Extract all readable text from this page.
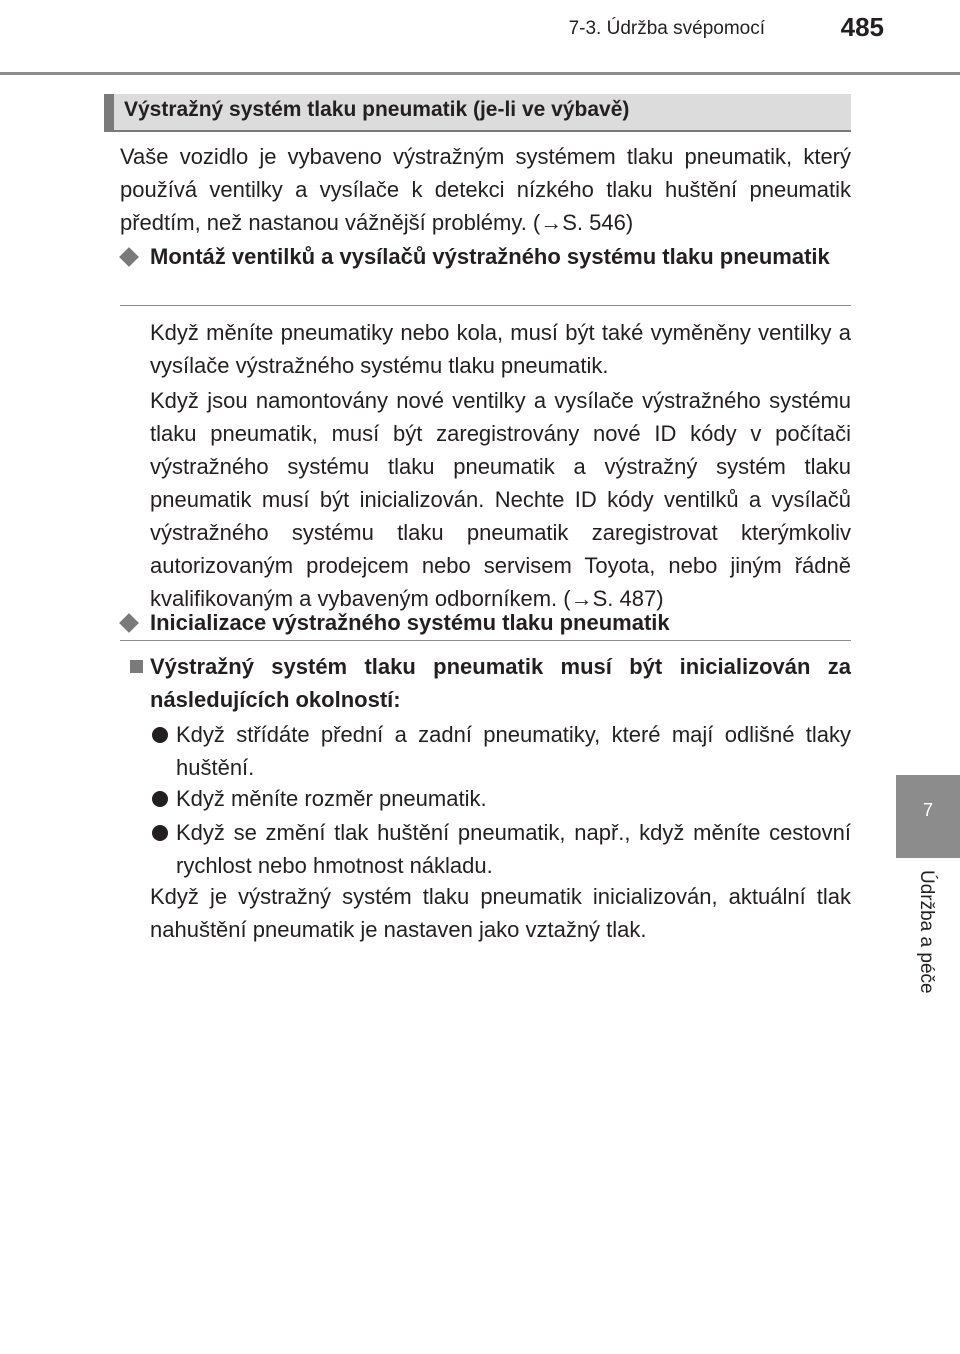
7-3. Údržba svépomocí	485
7
Údržba a péče
Výstražný systém tlaku pneumatik (je-li ve výbavě)

Vaše vozidlo je vybaveno výstražným systémem tlaku pneumatik, který používá ventilky a vysílače k detekci nízkého tlaku huštění pneumatik předtím, než nastanou vážnější problémy. (→S. 546)

Montáž ventilků a vysílačů výstražného systému tlaku pneumatik

Když měníte pneumatiky nebo kola, musí být také vyměněny ventilky a vysílače výstražného systému tlaku pneumatik.

Když jsou namontovány nové ventilky a vysílače výstražného systému tlaku pneumatik, musí být zaregistrovány nové ID kódy v počítači výstražného systému tlaku pneumatik a výstražný systém tlaku pneumatik musí být inicializován. Nechte ID kódy ventilků a vysílačů výstražného systému tlaku pneumatik zaregistrovat kterýmkoliv autorizovaným prodejcem nebo servisem Toyota, nebo jiným řádně kvalifikovaným a vybaveným odborníkem. (→S. 487)

Inicializace výstražného systému tlaku pneumatik

Výstražný systém tlaku pneumatik musí být inicializován za následujících okolností:

Když střídáte přední a zadní pneumatiky, které mají odlišné tlaky huštění.

Když měníte rozměr pneumatik.

Když se změní tlak huštění pneumatik, např., když měníte cestovní rychlost nebo hmotnost nákladu.

Když je výstražný systém tlaku pneumatik inicializován, aktuální tlak nahuštění pneumatik je nastaven jako vztažný tlak.
